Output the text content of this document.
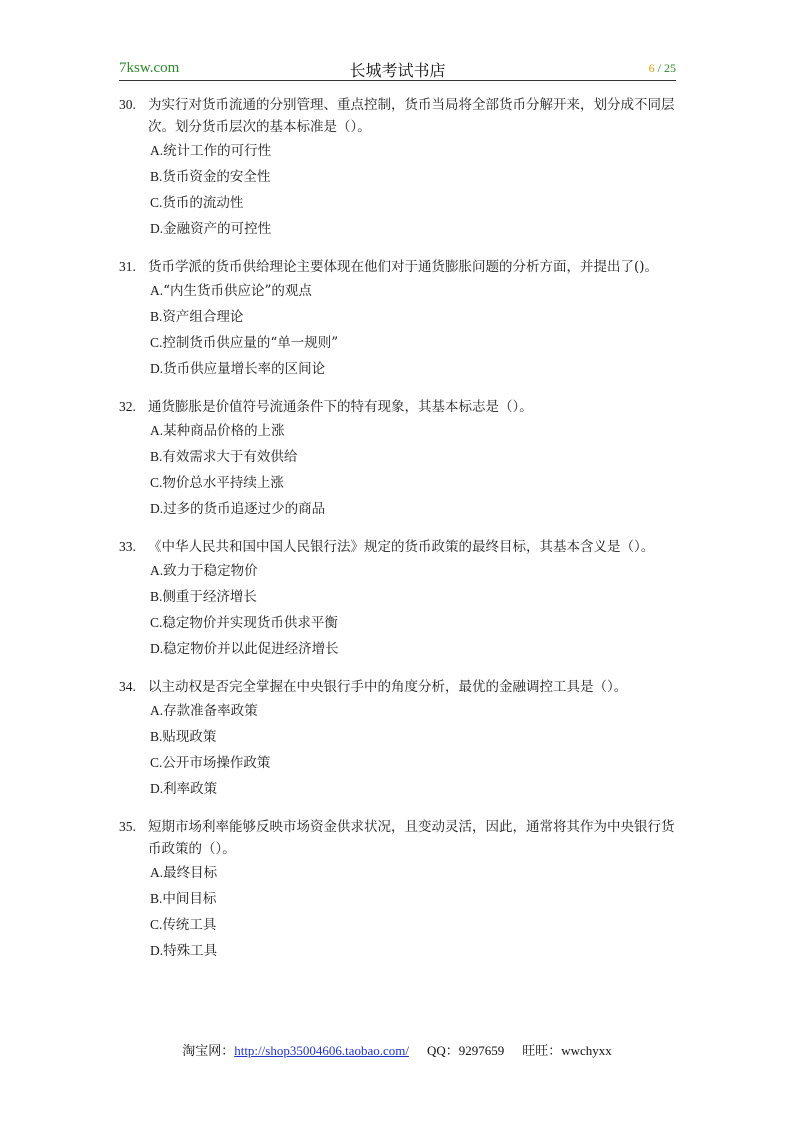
7ksw.com	长城考试书店	6 / 25
30. 为实行对货币流通的分别管理、重点控制，货币当局将全部货币分解开来，划分成不同层次。划分货币层次的基本标准是（）。
A.统计工作的可行性
B.货币资金的安全性
C.货币的流动性
D.金融资产的可控性
31. 货币学派的货币供给理论主要体现在他们对于通货膨胀问题的分析方面，并提出了()。
A.“内生货币供应论”的观点
B.资产组合理论
C.控制货币供应量的“单一规则”
D.货币供应量增长率的区间论
32. 通货膨胀是价值符号流通条件下的特有现象，其基本标志是（）。
A.某种商品价格的上涨
B.有效需求大于有效供给
C.物价总水平持续上涨
D.过多的货币追逐过少的商品
33. 《中华人民共和国中国人民银行法》规定的货币政策的最终目标，其基本含义是（）。
A.致力于稳定物价
B.侧重于经济增长
C.稳定物价并实现货币供求平衡
D.稳定物价并以此促进经济增长
34. 以主动权是否完全掌握在中央银行手中的角度分析，最优的金融调控工具是（）。
A.存款准备率政策
B.贴现政策
C.公开市场操作政策
D.利率政策
35. 短期市场利率能够反映市场资金供求状况，且变动灵活，因此，通常将其作为中央银行货币政策的（）。
A.最终目标
B.中间目标
C.传统工具
D.特殊工具
淘宝网：http://shop35004606.taobao.com/ QQ：9297659 旺旺：wwchyxx
